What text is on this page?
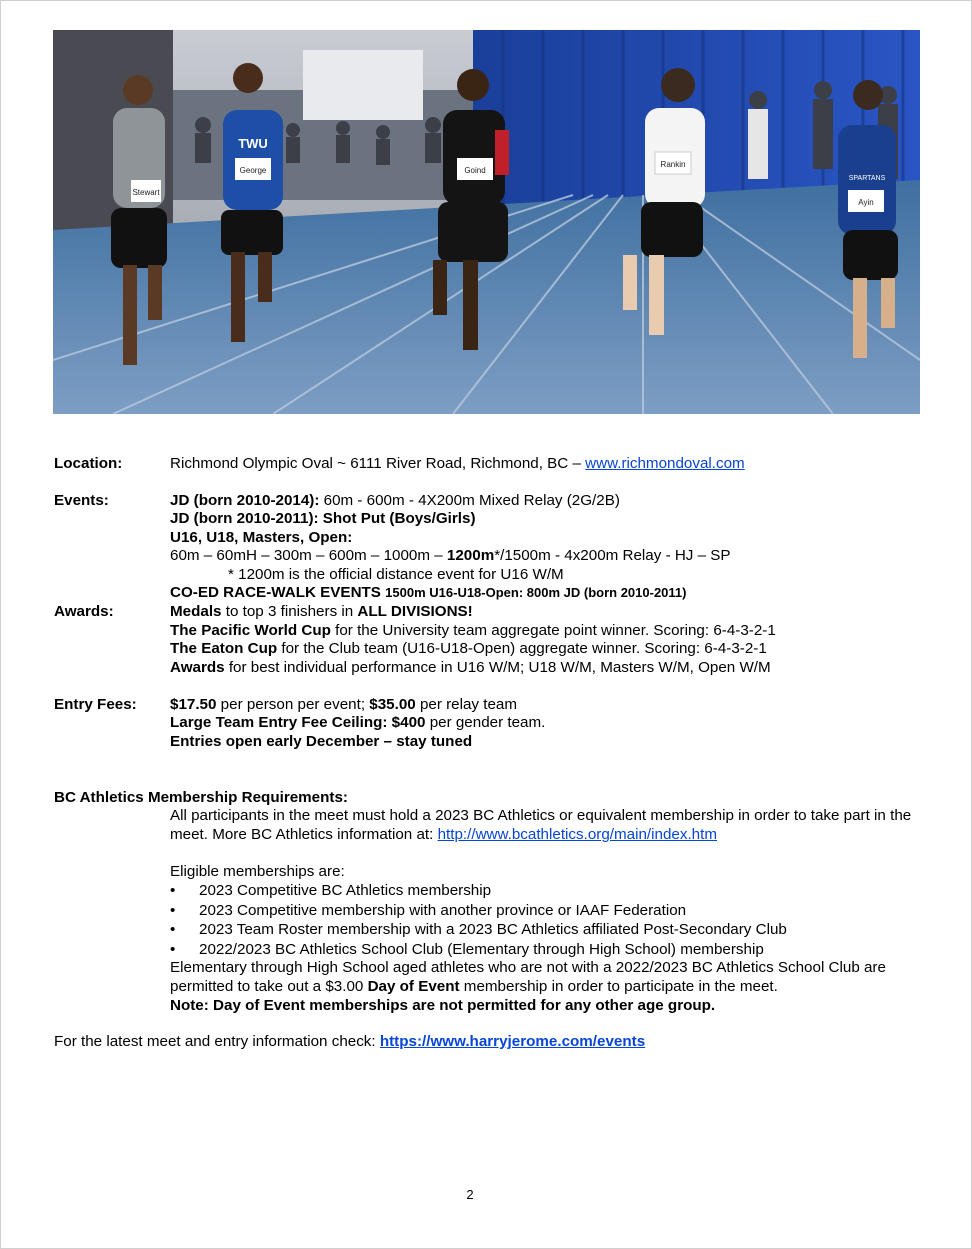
Stewart
TWU
George	Goind
Rankin
SPARTANS
Ayin
Location:	Richmond Olympic Oval ~ 6111 River Road, Richmond, BC – www.richmondoval.com
Events:	JD (born 2010-2014): 60m - 600m - 4X200m Mixed Relay (2G/2B)
JD (born 2010-2011): Shot Put (Boys/Girls)
U16, U18, Masters, Open:
60m – 60mH – 300m – 600m – 1000m – 1200m*/1500m - 4x200m Relay - HJ – SP
* 1200m is the official distance event for U16 W/M
CO-ED RACE-WALK EVENTS 1500m U16-U18-Open: 800m JD (born 2010-2011)
Awards:	Medals to top 3 finishers in ALL DIVISIONS!
The Pacific World Cup for the University team aggregate point winner. Scoring: 6-4-3-2-1
The Eaton Cup for the Club team (U16-U18-Open) aggregate winner. Scoring: 6-4-3-2-1
Awards for best individual performance in U16 W/M; U18 W/M, Masters W/M, Open W/M
Entry Fees: $17.50 per person per event; $35.00 per relay team
Large Team Entry Fee Ceiling: $400 per gender team.
Entries open early December – stay tuned
BC Athletics Membership Requirements:
All participants in the meet must hold a 2023 BC Athletics or equivalent membership in order to take part in the meet. More BC Athletics information at: http://www.bcathletics.org/main/index.htm
Eligible memberships are:
• 2023 Competitive BC Athletics membership
• 2023 Competitive membership with another province or IAAF Federation
• 2023 Team Roster membership with a 2023 BC Athletics affiliated Post-Secondary Club
• 2022/2023 BC Athletics School Club (Elementary through High School) membership
Elementary through High School aged athletes who are not with a 2022/2023 BC Athletics School Club are permitted to take out a $3.00 Day of Event membership in order to participate in the meet.
Note: Day of Event memberships are not permitted for any other age group.
For the latest meet and entry information check: https://www.harryjerome.com/events
2
